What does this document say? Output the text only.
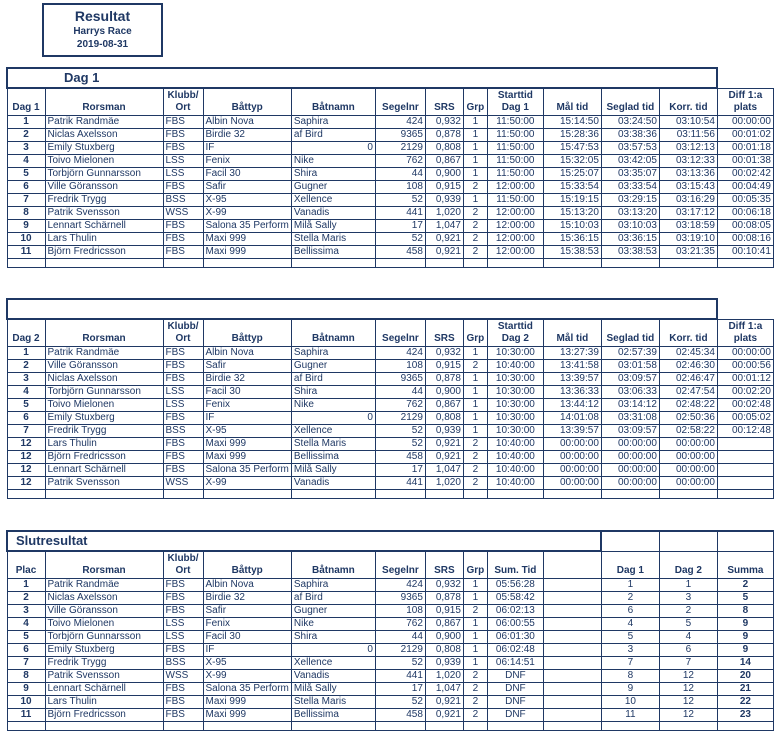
Resultat
Harrys Race
2019-08-31
Dag 1												
Dag 1	Rorsman	Klubb/ Ort	Båttyp	Båtnamn	Segelnr	SRS	Grp	Starttid Dag 1	Mål tid	Seglad tid	Korr. tid	Diff 1:a plats
1	Patrik Randmäe	FBS	Albin Nova	Saphira	424	0,932	1	11:50:00	15:14:50	03:24:50	03:10:54	00:00:00
2	Niclas Axelsson	FBS	Birdie 32	af Bird	9365	0,878	1	11:50:00	15:28:36	03:38:36	03:11:56	00:01:02
3	Emily Stuxberg	FBS	IF	0	2129	0,808	1	11:50:00	15:47:53	03:57:53	03:12:13	00:01:18
4	Toivo Mielonen	LSS	Fenix	Nike	762	0,867	1	11:50:00	15:32:05	03:42:05	03:12:33	00:01:38
5	Torbjörn Gunnarsson	LSS	Facil 30	Shira	44	0,900	1	11:50:00	15:25:07	03:35:07	03:13:36	00:02:42
6	Ville Göransson	FBS	Safir	Gugner	108	0,915	2	12:00:00	15:33:54	03:33:54	03:15:43	00:04:49
7	Fredrik Trygg	BSS	X-95	Xellence	52	0,939	1	11:50:00	15:19:15	03:29:15	03:16:29	00:05:35
8	Patrik Svensson	WSS	X-99	Vanadis	441	1,020	2	12:00:00	15:13:20	03:13:20	03:17:12	00:06:18
9	Lennart Schärnell	FBS	Salona 35 Perform	Milå Sally	17	1,047	2	12:00:00	15:10:03	03:10:03	03:18:59	00:08:05
10	Lars Thulin	FBS	Maxi 999	Stella Maris	52	0,921	2	12:00:00	15:36:15	03:36:15	03:19:10	00:08:16
11	Björn Fredricsson	FBS	Maxi 999	Bellissima	458	0,921	2	12:00:00	15:38:53	03:38:53	03:21:35	00:10:41

Dag 2	Rorsman	Klubb/ Ort	Båttyp	Båtnamn	Segelnr	SRS	Grp	Starttid Dag 2	Mål tid	Seglad tid	Korr. tid	Diff 1:a plats
1	Patrik Randmäe	FBS	Albin Nova	Saphira	424	0,932	1	10:30:00	13:27:39	02:57:39	02:45:34	00:00:00
2	Ville Göransson	FBS	Safir	Gugner	108	0,915	2	10:40:00	13:41:58	03:01:58	02:46:30	00:00:56
3	Niclas Axelsson	FBS	Birdie 32	af Bird	9365	0,878	1	10:30:00	13:39:57	03:09:57	02:46:47	00:01:12
4	Torbjörn Gunnarsson	LSS	Facil 30	Shira	44	0,900	1	10:30:00	13:36:33	03:06:33	02:47:54	00:02:20
5	Toivo Mielonen	LSS	Fenix	Nike	762	0,867	1	10:30:00	13:44:12	03:14:12	02:48:22	00:02:48
6	Emily Stuxberg	FBS	IF	0	2129	0,808	1	10:30:00	14:01:08	03:31:08	02:50:36	00:05:02
7	Fredrik Trygg	BSS	X-95	Xellence	52	0,939	1	10:30:00	13:39:57	03:09:57	02:58:22	00:12:48
12	Lars Thulin	FBS	Maxi 999	Stella Maris	52	0,921	2	10:40:00	00:00:00	00:00:00	00:00:00	
12	Björn Fredricsson	FBS	Maxi 999	Bellissima	458	0,921	2	10:40:00	00:00:00	00:00:00	00:00:00	
12	Lennart Schärnell	FBS	Salona 35 Perform	Milå Sally	17	1,047	2	10:40:00	00:00:00	00:00:00	00:00:00	
12	Patrik Svensson	WSS	X-99	Vanadis	441	1,020	2	10:40:00	00:00:00	00:00:00	00:00:00	

Slutresultat												
Plac	Rorsman	Klubb/ Ort	Båttyp	Båtnamn	Segelnr	SRS	Grp	Sum. Tid		Dag 1	Dag 2	Summa
1	Patrik Randmäe	FBS	Albin Nova	Saphira	424	0,932	1	05:56:28		1	1	2
2	Niclas Axelsson	FBS	Birdie 32	af Bird	9365	0,878	1	05:58:42		2	3	5
3	Ville Göransson	FBS	Safir	Gugner	108	0,915	2	06:02:13		6	2	8
4	Toivo Mielonen	LSS	Fenix	Nike	762	0,867	1	06:00:55		4	5	9
5	Torbjörn Gunnarsson	LSS	Facil 30	Shira	44	0,900	1	06:01:30		5	4	9
6	Emily Stuxberg	FBS	IF	0	2129	0,808	1	06:02:48		3	6	9
7	Fredrik Trygg	BSS	X-95	Xellence	52	0,939	1	06:14:51		7	7	14
8	Patrik Svensson	WSS	X-99	Vanadis	441	1,020	2	DNF		8	12	20
9	Lennart Schärnell	FBS	Salona 35 Perform	Milå Sally	17	1,047	2	DNF		9	12	21
10	Lars Thulin	FBS	Maxi 999	Stella Maris	52	0,921	2	DNF		10	12	22
11	Björn Fredricsson	FBS	Maxi 999	Bellissima	458	0,921	2	DNF		11	12	23
